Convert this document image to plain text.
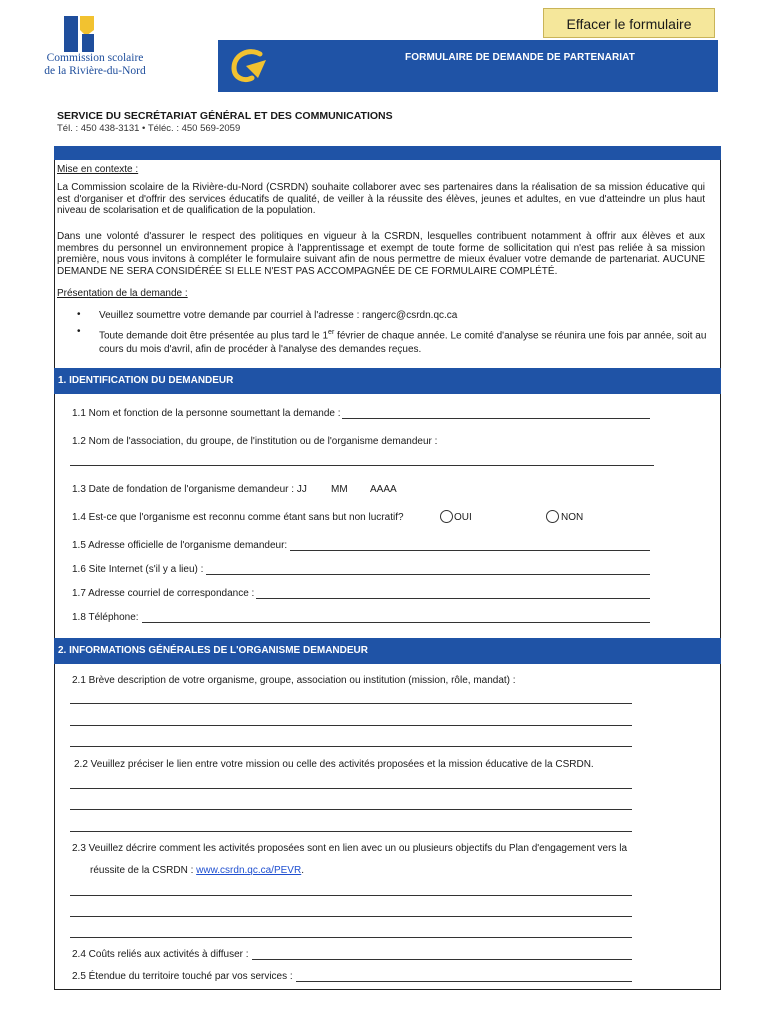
Commission scolaire
de la Rivière-du-Nord
Effacer le formulaire
FORMULAIRE DE DEMANDE DE PARTENARIAT
SERVICE DU SECRÉTARIAT GÉNÉRAL ET DES COMMUNICATIONS
Tél. : 450 438-3131 • Téléc. : 450 569-2059
Mise en contexte :
La Commission scolaire de la Rivière-du-Nord (CSRDN) souhaite collaborer avec ses partenaires dans la réalisation de sa mission éducative qui est d'organiser et d'offrir des services éducatifs de qualité, de veiller à la réussite des élèves, jeunes et adultes, en vue d'atteindre un plus haut niveau de scolarisation et de qualification de la population.
Dans une volonté d'assurer le respect des politiques en vigueur à la CSRDN, lesquelles contribuent notamment à offrir aux élèves et aux membres du personnel un environnement propice à l'apprentissage et exempt de toute forme de sollicitation qui n'est pas reliée à sa mission première, nous vous invitons à compléter le formulaire suivant afin de nous permettre de mieux évaluer votre demande de partenariat. AUCUNE DEMANDE NE SERA CONSIDÉRÉE SI ELLE N'EST PAS ACCOMPAGNÉE DE CE FORMULAIRE COMPLÉTÉ.
Présentation de la demande :
• Veuillez soumettre votre demande par courriel à l'adresse : rangerc@csrdn.qc.ca
• Toute demande doit être présentée au plus tard le 1er février de chaque année. Le comité d'analyse se réunira une fois par année, soit au
cours du mois d'avril, afin de procéder à l'analyse des demandes reçues.
1. IDENTIFICATION DU DEMANDEUR
1.1 Nom et fonction de la personne soumettant la demande :
1.2 Nom de l'association, du groupe, de l'institution ou de l'organisme demandeur :
1.3 Date de fondation de l'organisme demandeur : JJ MM AAAA
1.4 Est-ce que l'organisme est reconnu comme étant sans but non lucratif?	OUI	NON
1.5 Adresse officielle de l'organisme demandeur:
1.6 Site Internet (s'il y a lieu) :
1.7 Adresse courriel de correspondance :
1.8 Téléphone:
2. INFORMATIONS GÉNÉRALES DE L'ORGANISME DEMANDEUR
2.1 Brève description de votre organisme, groupe, association ou institution (mission, rôle, mandat) :
2.2 Veuillez préciser le lien entre votre mission ou celle des activités proposées et la mission éducative de la CSRDN.
2.3 Veuillez décrire comment les activités proposées sont en lien avec un ou plusieurs objectifs du Plan d'engagement vers la
réussite de la CSRDN : www.csrdn.qc.ca/PEVR.
2.4 Coûts reliés aux activités à diffuser :
2.5 Étendue du territoire touché par vos services :
